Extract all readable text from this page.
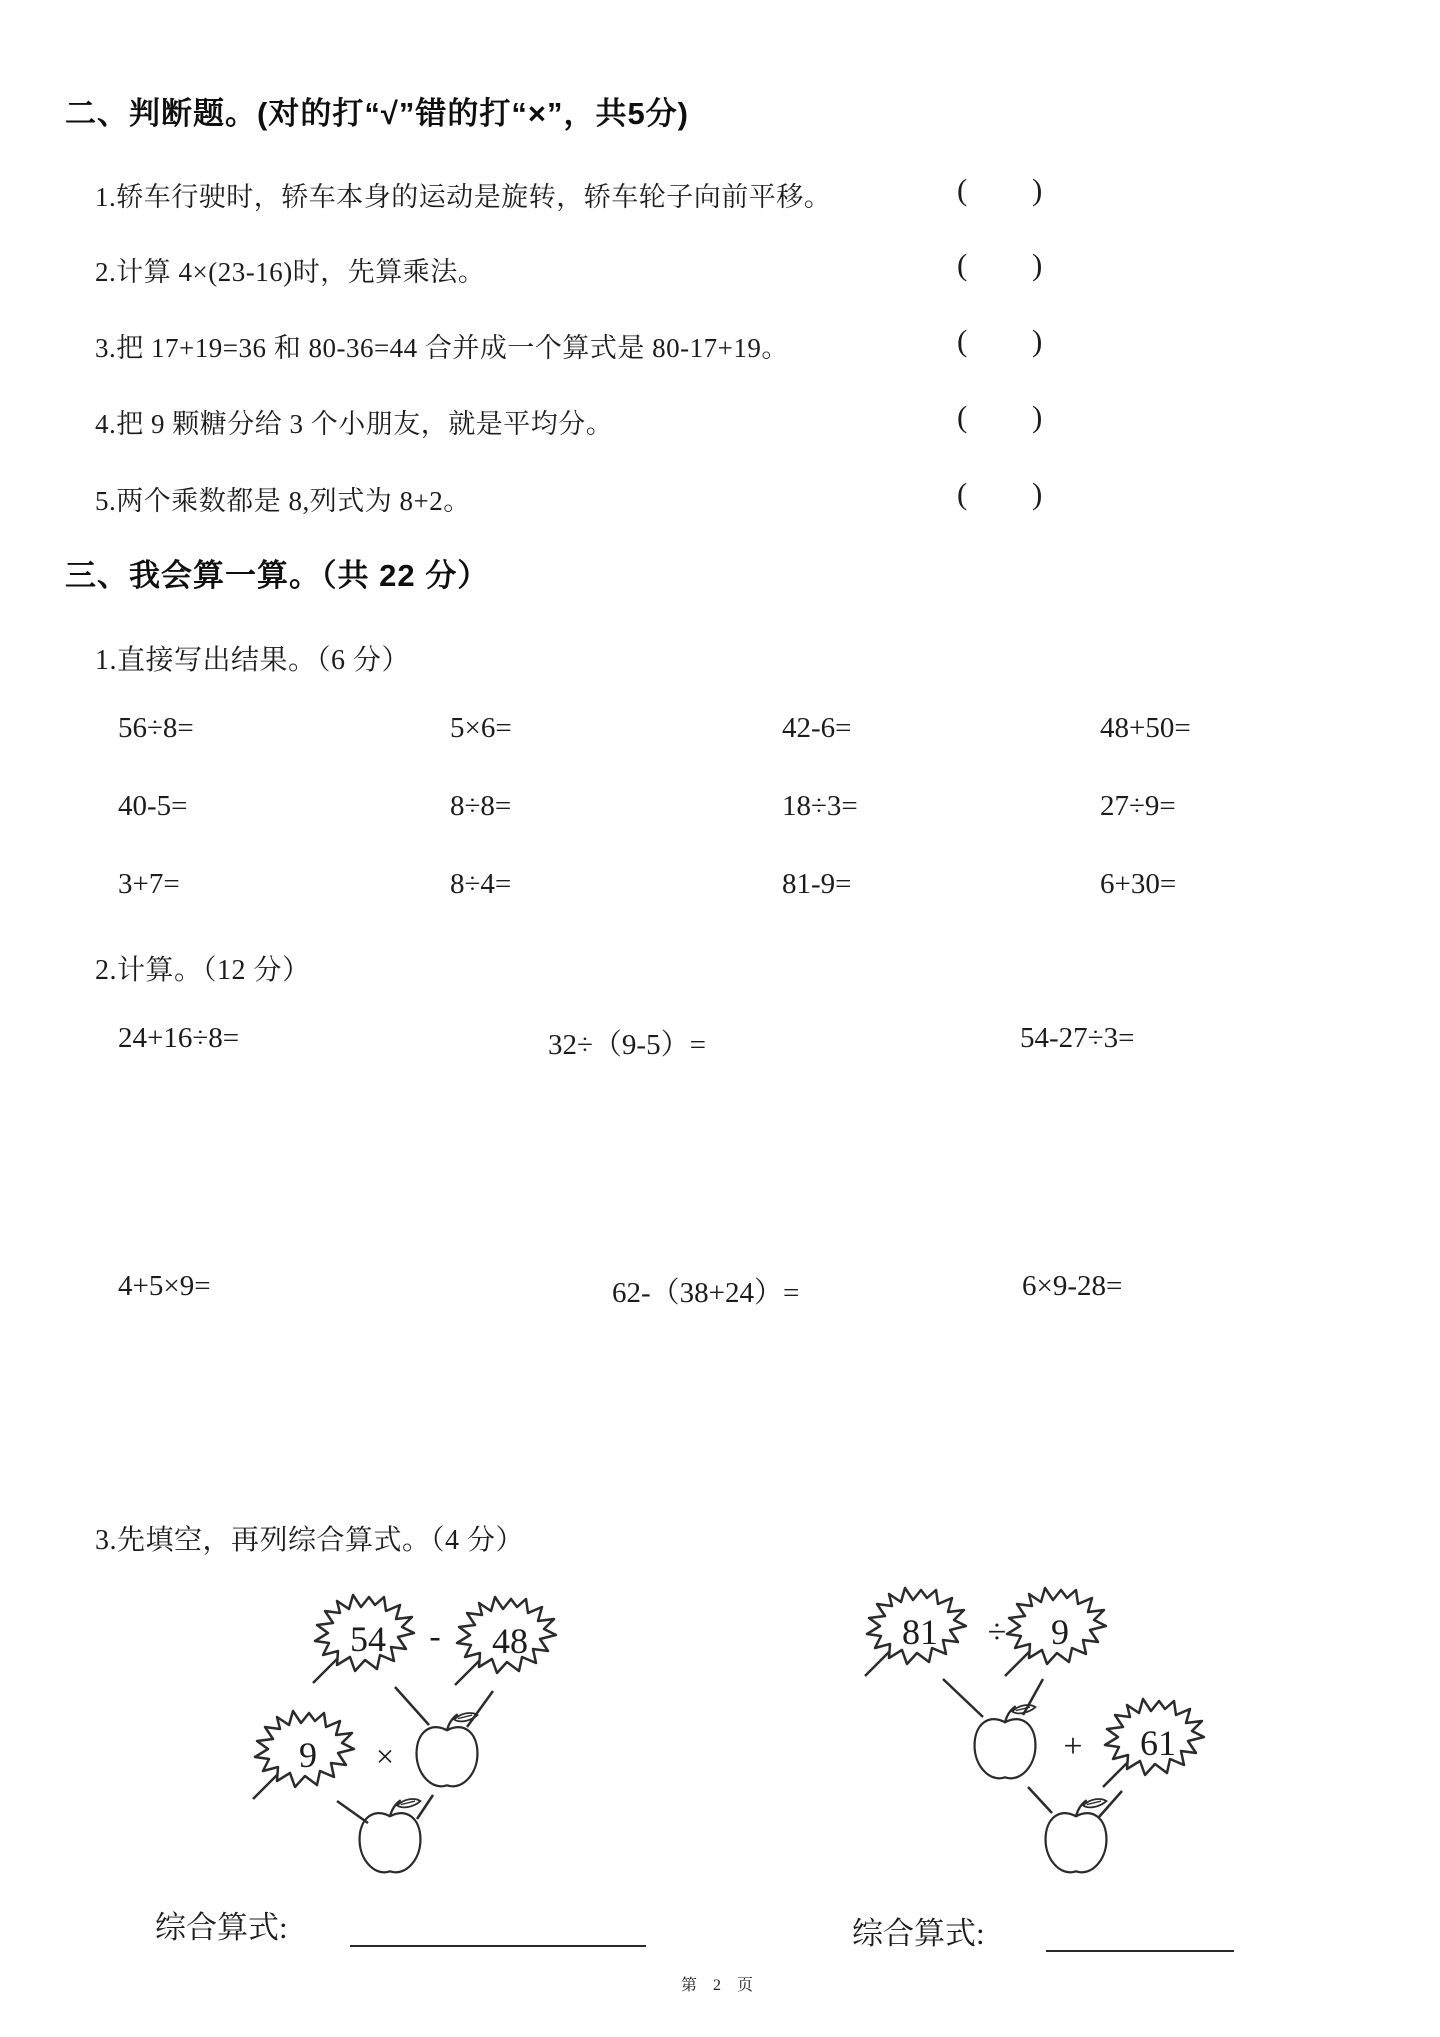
二、判断题。(对的打“√”错的打“×”，共5分)
1.轿车行驶时，轿车本身的运动是旋转，轿车轮子向前平移。	( )
2.计算 4×(23-16)时，先算乘法。	( )
3.把 17+19=36 和 80-36=44 合并成一个算式是 80-17+19。	( )
4.把 9 颗糖分给 3 个小朋友，就是平均分。	( )
5.两个乘数都是 8,列式为 8+2。	( )
三、我会算一算。（共 22 分）
1.直接写出结果。（6 分）
56÷8=	5×6=	42-6=	48+50=
40-5=	8÷8=	18÷3=	27÷9=
3+7=	8÷4=	81-9=	6+30=
2.计算。（12 分）
24+16÷8=	32÷（9-5）=	54-27÷3=
4+5×9=	62-（38+24）=	6×9-28=
3.先填空，再列综合算式。（4 分）
54 - 48
9 ×
81 ÷ 9
+ 61
综合算式:	综合算式:
第 2 页
